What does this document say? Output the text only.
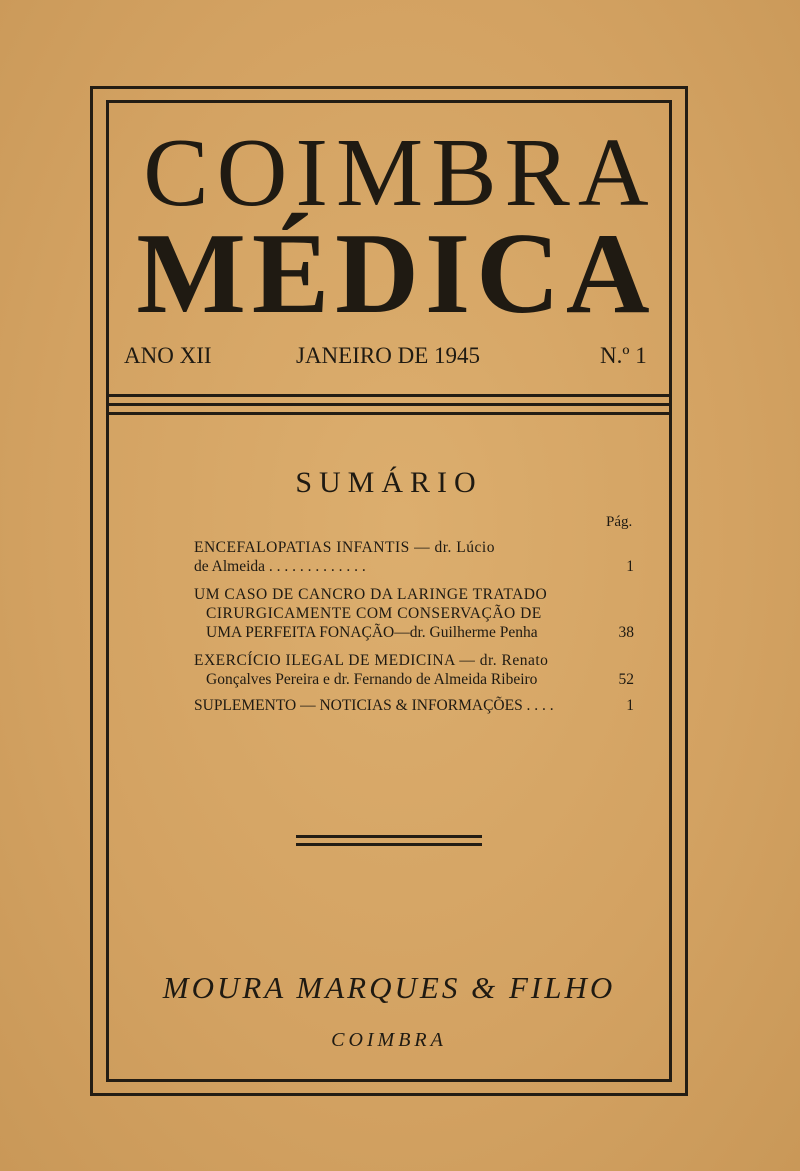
COIMBRA
MÉDICA
ANO XII	JANEIRO DE 1945	N.º 1
SUMÁRIO
Pág.
ENCEFALOPATIAS INFANTIS — dr. Lúcio
de Almeida . . . . . . . . . . . . .	1
UM CASO DE CANCRO DA LARINGE TRATADO
CIRURGICAMENTE COM CONSERVAÇÃO DE
UMA PERFEITA FONAÇÃO—dr. Guilherme Penha	38
EXERCÍCIO ILEGAL DE MEDICINA — dr. Renato
Gonçalves Pereira e dr. Fernando de Almeida Ribeiro	52
SUPLEMENTO — NOTICIAS & INFORMAÇÕES . . . .	1
MOURA MARQUES & FILHO
COIMBRA
